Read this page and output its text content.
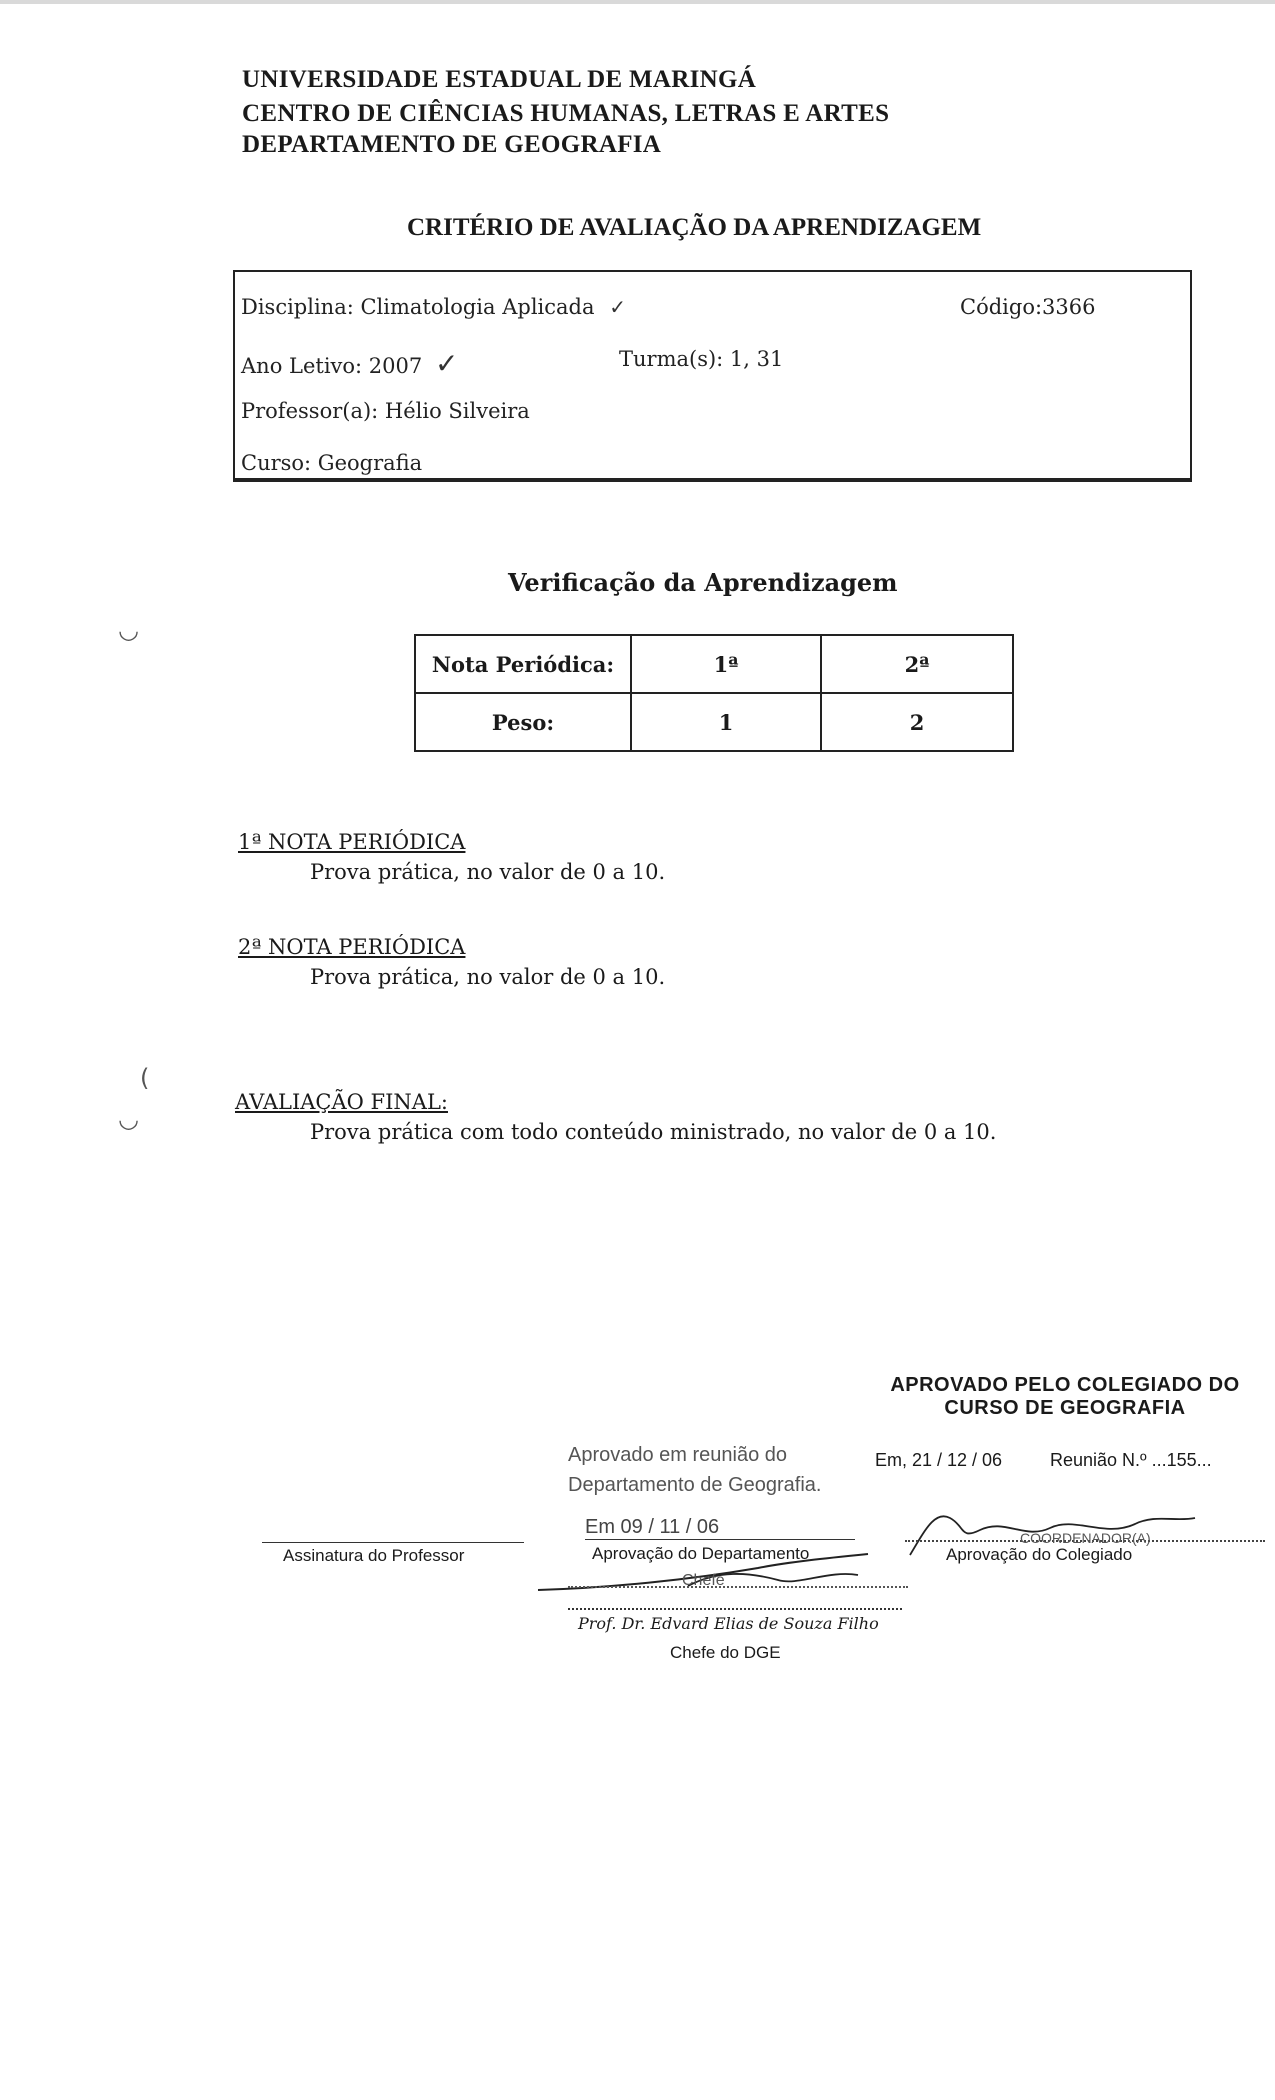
UNIVERSIDADE ESTADUAL DE MARINGÁ
CENTRO DE CIÊNCIAS HUMANAS, LETRAS E ARTES
DEPARTAMENTO DE GEOGRAFIA
CRITÉRIO DE AVALIAÇÃO DA APRENDIZAGEM
Disciplina: Climatologia Aplicada ✓	Código:3366
Ano Letivo: 2007 ✓	Turma(s): 1, 31
Professor(a): Hélio Silveira
Curso: Geografia
Verificação da Aprendizagem
◡
Nota Periódica:	1ª	2ª
Peso:	1	2
1ª NOTA PERIÓDICA
Prova prática, no valor de 0 a 10.
2ª NOTA PERIÓDICA
Prova prática, no valor de 0 a 10.
(
◡
AVALIAÇÃO FINAL:
Prova prática com todo conteúdo ministrado, no valor de 0 a 10.
APROVADO PELO COLEGIADO DO
CURSO DE GEOGRAFIA
Aprovado em reunião do
Departamento de Geografia.
Em 09 / 11 / 06
Aprovação do Departamento
Chefe
Prof. Dr. Edvard Elias de Souza Filho
Chefe do DGE
Em, 21 / 12 / 06	Reunião N.º ...155...
COORDENADOR(A)
Aprovação do Colegiado
Assinatura do Professor
